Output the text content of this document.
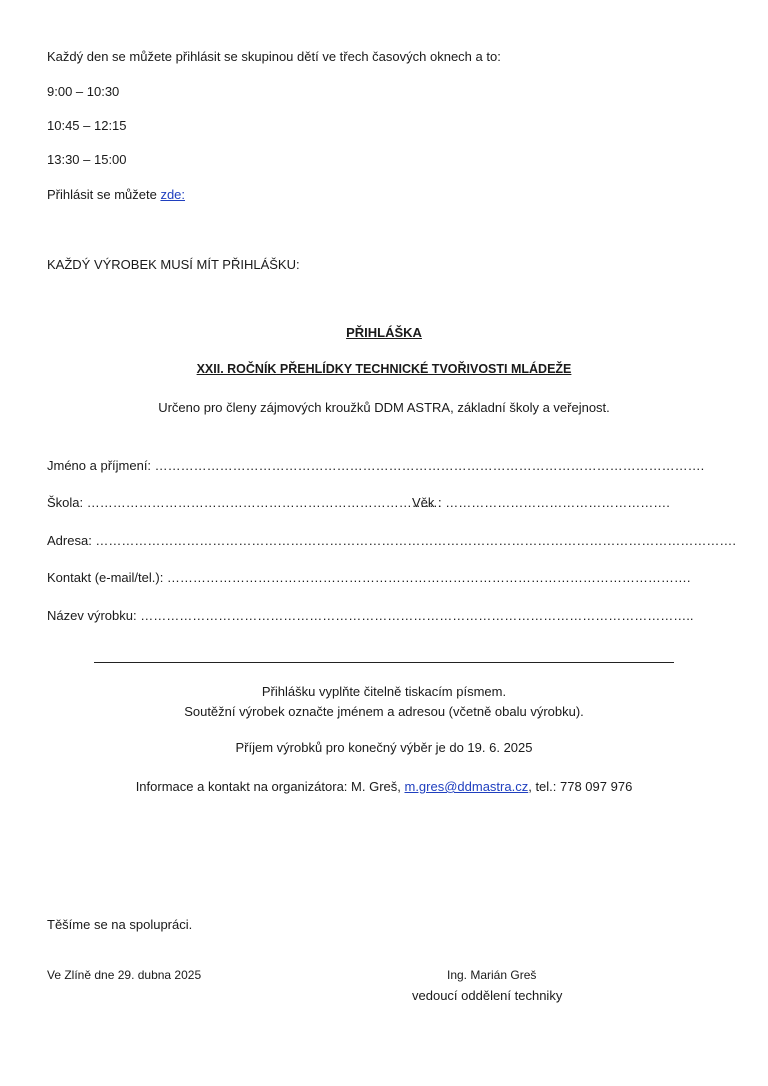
Každý den se můžete přihlásit se skupinou dětí ve třech časových oknech a to:
9:00 – 10:30
10:45 – 12:15
13:30 – 15:00
Přihlásit se můžete zde:
KAŽDÝ VÝROBEK MUSÍ MÍT PŘIHLÁŠKU:
PŘIHLÁŠKA
XXII. ROČNÍK PŘEHLÍDKY TECHNICKÉ TVOŘIVOSTI MLÁDEŽE
Určeno pro členy zájmových kroužků DDM ASTRA, základní školy a veřejnost.
Jméno a příjmení: ……………………………………………………………………………………………………………….
Škola: ……………………………………………………………………….
Věk : …………………………………………….
Adresa: ………………………………………………………………………………………………………………………………….
Kontakt (e-mail/tel.): ………………………………………………………………………………………………………….
Název výrobku: ………………………………………………………………………………………………………………..
Přihlášku vyplňte čitelně tiskacím písmem.
Soutěžní výrobek označte jménem a adresou (včetně obalu výrobku).
Příjem výrobků pro konečný výběr je do 19. 6. 2025
Informace a kontakt na organizátora: M. Greš, m.gres@ddmastra.cz, tel.: 778 097 976
Těšíme se na spolupráci.
Ve Zlíně dne 29. dubna 2025	Ing. Marián Greš
vedoucí oddělení techniky
